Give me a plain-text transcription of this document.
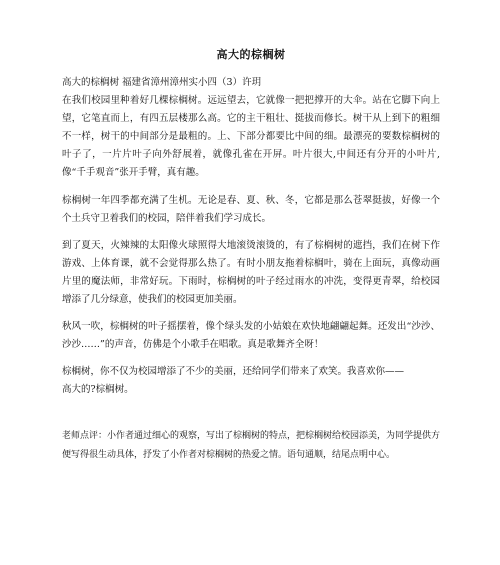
高大的棕榈树
高大的棕榈树 福建省漳州漳州实小四（3）许玥

在我们校园里种着好几棵棕榈树。远远望去，它就像一把把撑开的大伞。站在它脚下向上望，它笔直而上，有四五层楼那么高。它的主干粗壮、挺拔而修长。树干从上到下的粗细不一样，树干的中间部分是最粗的。上、下部分都要比中间的细。最漂亮的要数棕榈树的叶子了，一片片叶子向外舒展着，就像孔雀在开屏。叶片很大,中间还有分开的小叶片,像“千手观音”张开手臂，真有趣。

棕榈树一年四季都充满了生机。无论是春、夏、秋、冬，它都是那么苍翠挺拔，好像一个个土兵守卫着我们的校园，陪伴着我们学习成长。

到了夏天，火辣辣的太阳像火球照得大地滚烫滚烫的，有了棕榈树的遮挡，我们在树下作游戏、上体育课，就不会觉得那么热了。有时小朋友拖着棕榈叶，骑在上面玩，真像动画片里的魔法师，非常好玩。下雨时，棕榈树的叶子经过雨水的冲洗，变得更青翠，给校园增添了几分绿意，使我们的校园更加美丽。

秋风一吹，棕榈树的叶子摇摆着，像个绿头发的小姑娘在欢快地翩翩起舞。还发出“沙沙、沙沙……”的声音，仿佛是个小歌手在唱歌。真是歌舞齐全呀！

棕榈树，你不仅为校园增添了不少的美丽，还给同学们带来了欢笑。我喜欢你——

高大的?棕榈树。

老师点评：小作者通过细心的观察，写出了棕榈树的特点，把棕榈树给校园添美，为同学提供方便写得很生动具体，抒发了小作者对棕榈树的热爱之情。语句通顺，结尾点明中心。
